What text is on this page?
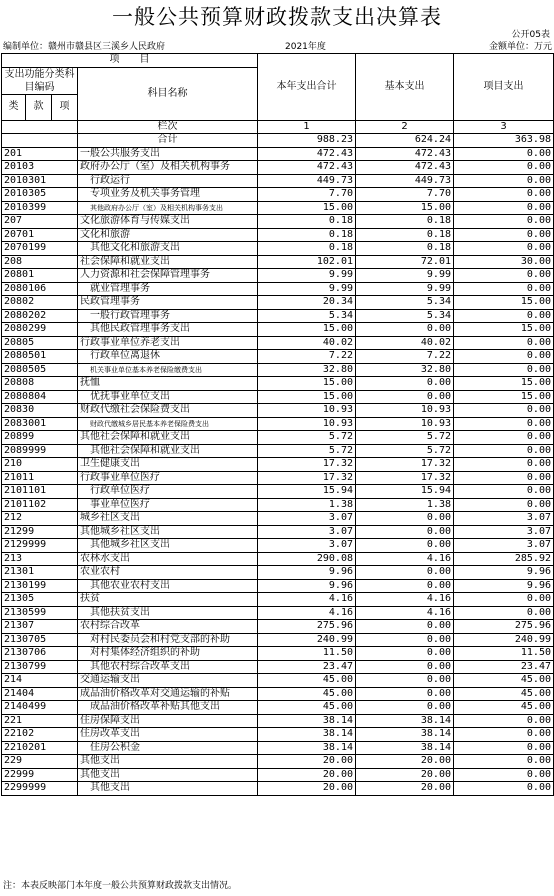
一般公共预算财政拨款支出决算表
公开05表
编制单位：赣州市赣县区三溪乡人民政府	2021年度	金额单位：万元
项　　目				本年支出合计	基本支出	项目支出
支出功能分类科目编码			科目名称			

类	款	项				
			栏次	1	2	3
			合计	988.23	624.24	363.98
201			一般公共服务支出	472.43	472.43	0.00
20103			政府办公厅（室）及相关机构事务	472.43	472.43	0.00
2010301			行政运行	449.73	449.73	0.00
2010305			专项业务及机关事务管理	7.70	7.70	0.00
2010399			其他政府办公厅（室）及相关机构事务支出	15.00	15.00	0.00
207			文化旅游体育与传媒支出	0.18	0.18	0.00
20701			文化和旅游	0.18	0.18	0.00
2070199			其他文化和旅游支出	0.18	0.18	0.00
208			社会保障和就业支出	102.01	72.01	30.00
20801			人力资源和社会保障管理事务	9.99	9.99	0.00
2080106			就业管理事务	9.99	9.99	0.00
20802			民政管理事务	20.34	5.34	15.00
2080202			一般行政管理事务	5.34	5.34	0.00
2080299			其他民政管理事务支出	15.00	0.00	15.00
20805			行政事业单位养老支出	40.02	40.02	0.00
2080501			行政单位离退休	7.22	7.22	0.00
2080505			机关事业单位基本养老保险缴费支出	32.80	32.80	0.00
20808			抚恤	15.00	0.00	15.00
2080804			优抚事业单位支出	15.00	0.00	15.00
20830			财政代缴社会保险费支出	10.93	10.93	0.00
2083001			财政代缴城乡居民基本养老保险费支出	10.93	10.93	0.00
20899			其他社会保障和就业支出	5.72	5.72	0.00
2089999			其他社会保障和就业支出	5.72	5.72	0.00
210			卫生健康支出	17.32	17.32	0.00
21011			行政事业单位医疗	17.32	17.32	0.00
2101101			行政单位医疗	15.94	15.94	0.00
2101102			事业单位医疗	1.38	1.38	0.00
212			城乡社区支出	3.07	0.00	3.07
21299			其他城乡社区支出	3.07	0.00	3.07
2129999			其他城乡社区支出	3.07	0.00	3.07
213			农林水支出	290.08	4.16	285.92
21301			农业农村	9.96	0.00	9.96
2130199			其他农业农村支出	9.96	0.00	9.96
21305			扶贫	4.16	4.16	0.00
2130599			其他扶贫支出	4.16	4.16	0.00
21307			农村综合改革	275.96	0.00	275.96
2130705			对村民委员会和村党支部的补助	240.99	0.00	240.99
2130706			对村集体经济组织的补助	11.50	0.00	11.50
2130799			其他农村综合改革支出	23.47	0.00	23.47
214			交通运输支出	45.00	0.00	45.00
21404			成品油价格改革对交通运输的补贴	45.00	0.00	45.00
2140499			成品油价格改革补贴其他支出	45.00	0.00	45.00
221			住房保障支出	38.14	38.14	0.00
22102			住房改革支出	38.14	38.14	0.00
2210201			住房公积金	38.14	38.14	0.00
229			其他支出	20.00	20.00	0.00
22999			其他支出	20.00	20.00	0.00
2299999			其他支出	20.00	20.00	0.00
注：本表反映部门本年度一般公共预算财政拨款支出情况。
